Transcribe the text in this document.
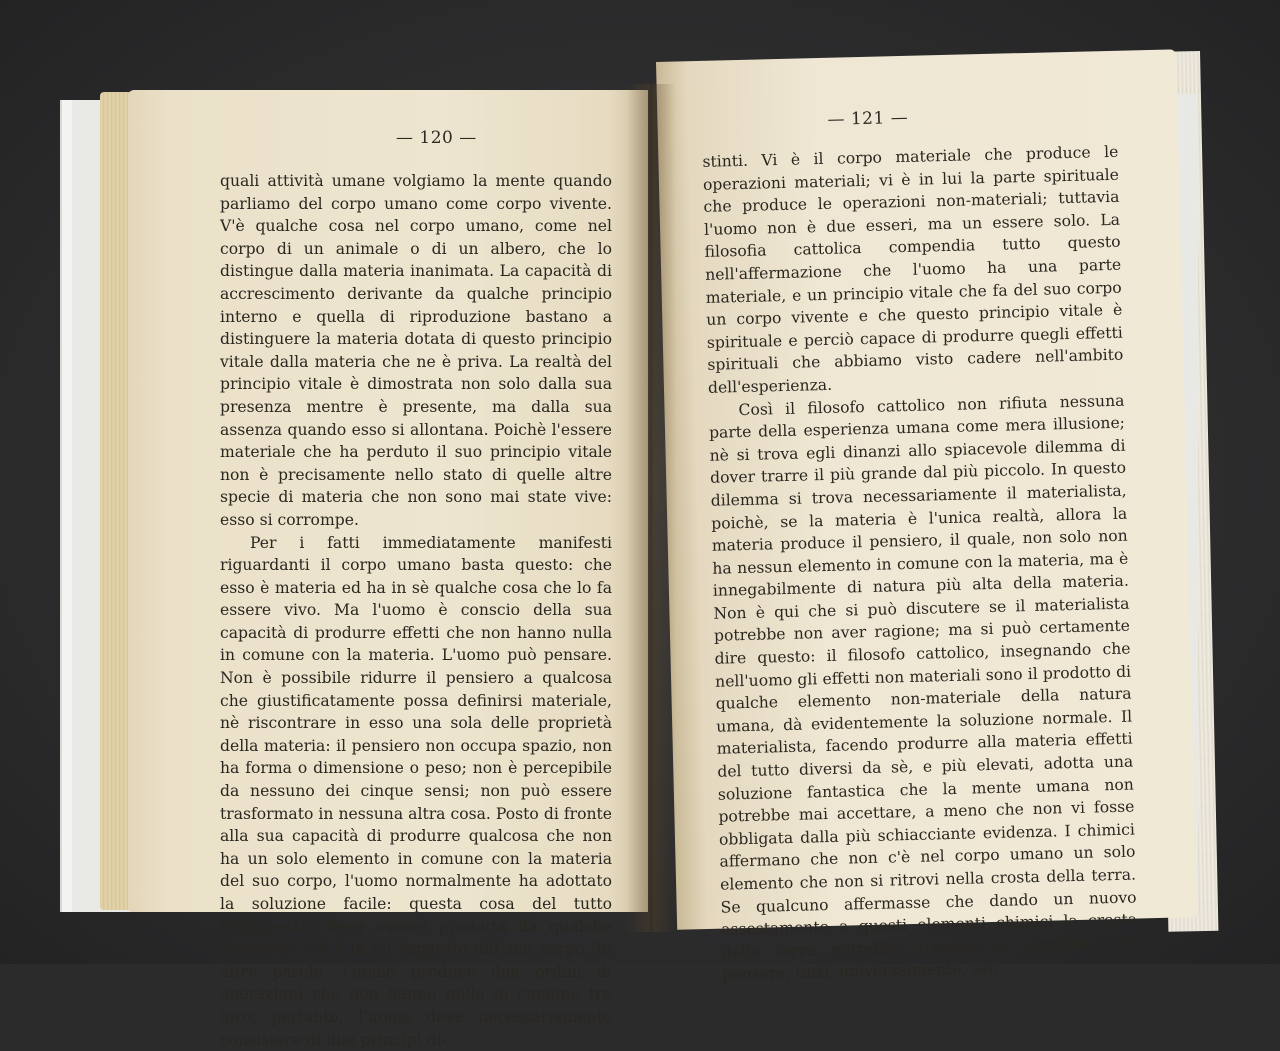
— 120 —

quali attività umane volgiamo la mente quando parliamo del corpo umano come corpo vivente. V'è qualche cosa nel corpo umano, come nel corpo di un animale o di un albero, che lo distingue dalla materia inanimata. La capacità di accrescimento derivante da qualche principio interno e quella di riproduzione bastano a distinguere la materia dotata di questo principio vitale dalla materia che ne è priva. La realtà del principio vitale è dimostrata non solo dalla sua presenza mentre è presente, ma dalla sua assenza quando esso si allontana. Poichè l'essere materiale che ha perduto il suo principio vitale non è precisamente nello stato di quelle altre specie di materia che non sono mai state vive: esso si corrompe.

Per i fatti immediatamente manifesti riguardanti il corpo umano basta questo: che esso è materia ed ha in sè qualche cosa che lo fa essere vivo. Ma l'uomo è conscio della sua capacità di produrre effetti che non hanno nulla in comune con la materia. L'uomo può pensare. Non è possibile ridurre il pensiero a qualcosa che giustificatamente possa definirsi materiale, nè riscontrare in esso una sola delle proprietà della materia: il pensiero non occupa spazio, non ha forma o dimensione o peso; non è percepibile da nessuno dei cinque sensi; non può essere trasformato in nessuna altra cosa. Posto di fronte alla sua capacità di produrre qualcosa che non ha un solo elemento in comune con la materia del suo corpo, l'uomo normalmente ha adottato la soluzione facile: questa cosa del tutto immateriale deve essere prodotta da qualche elemento che è in lui separato dal suo corpo. In altre parole, l'uomo produce due ordini di operazioni che non hanno nulla in comune tra loro; pertanto, l'uomo deve necessariamente consistere di due princìpi di-

— 121 —

stinti. Vi è il corpo materiale che produce le operazioni materiali; vi è in lui la parte spirituale che produce le operazioni non-materiali; tuttavia l'uomo non è due esseri, ma un essere solo. La filosofia cattolica compendia tutto questo nell'affermazione che l'uomo ha una parte materiale, e un principio vitale che fa del suo corpo un corpo vivente e che questo principio vitale è spirituale e perciò capace di produrre quegli effetti spirituali che abbiamo visto cadere nell'ambito dell'esperienza.

Così il filosofo cattolico non rifiuta nessuna parte della esperienza umana come mera illusione; nè si trova egli dinanzi allo spiacevole dilemma di dover trarre il più grande dal più piccolo. In questo dilemma si trova necessariamente il materialista, poichè, se la materia è l'unica realtà, allora la materia produce il pensiero, il quale, non solo non ha nessun elemento in comune con la materia, ma è innegabilmente di natura più alta della materia. Non è qui che si può discutere se il materialista potrebbe non aver ragione; ma si può certamente dire questo: il filosofo cattolico, insegnando che nell'uomo gli effetti non materiali sono il prodotto di qualche elemento non-materiale della natura umana, dà evidentemente la soluzione normale. Il materialista, facendo produrre alla materia effetti del tutto diversi da sè, e più elevati, adotta una soluzione fantastica che la mente umana non potrebbe mai accettare, a meno che non vi fosse obbligata dalla più schiacciante evidenza. I chimici affermano che non c'è nel corpo umano un solo elemento che non si ritrovi nella crosta della terra. Se qualcuno affermasse che dando un nuovo assestamento a questi elementi chimici la crosta della terra potrebbe trovarsi in condizioni di pensare, tutti, universalmente, sen-
